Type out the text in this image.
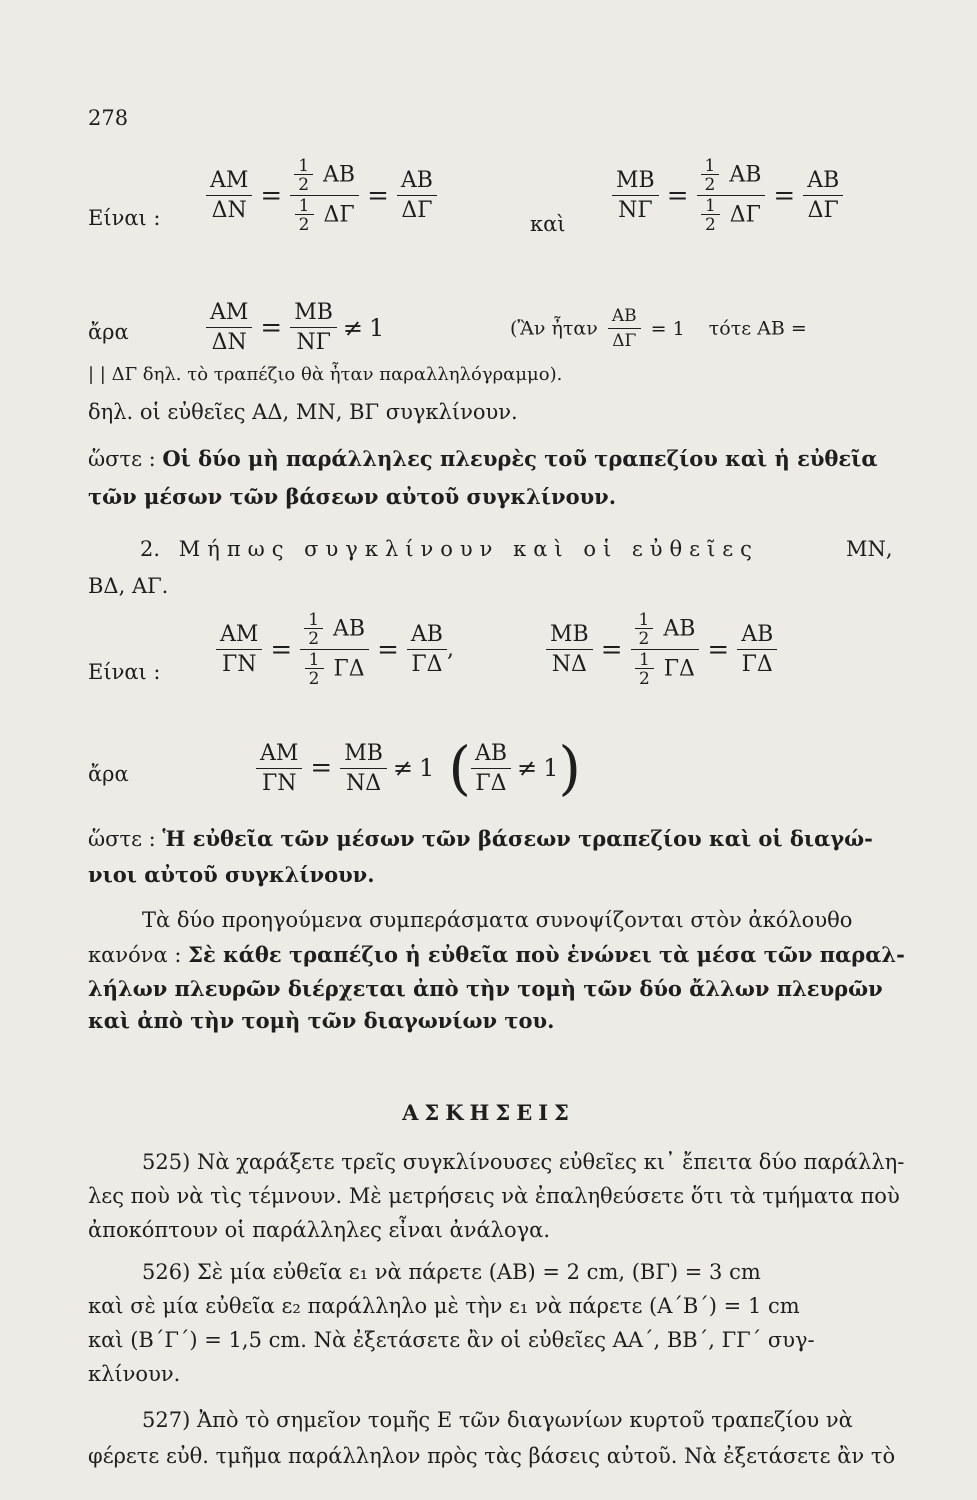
278
Είναι : $\frac{AM}{\Delta N} = \frac{\frac{1}{2} AB}{\frac{1}{2} \Delta\Gamma} = \frac{AB}{\Delta\Gamma}$
καὶ
$\frac{MB}{N\Gamma} = \frac{\frac{1}{2} AB}{\frac{1}{2} \Delta\Gamma} = \frac{AB}{\Delta\Gamma}$
ἄρα	$\frac{AM}{\Delta N} = \frac{MB}{N\Gamma} \ne 1$	(Ἂν ἦταν $\frac{AB}{\Delta\Gamma} = 1$ τότε ΑΒ =
| | ΔΓ δηλ. τὸ τραπέζιο θὰ ἦταν παραλληλόγραμμο).
δηλ. οἱ εὐθεῖες ΑΔ, ΜΝ, ΒΓ συγκλίνουν.
ὥστε : Οἱ δύο μὴ παράλληλες πλευρὲς τοῦ τραπεζίου καὶ ἡ εὐθεῖα
τῶν μέσων τῶν βάσεων αὐτοῦ συγκλίνουν.
2. Μήπως συγκλίνουν καὶ οἱ εὐθεῖες	ΜΝ,
ΒΔ, ΑΓ.
Είναι :	$\frac{AM}{\Gamma N} = \frac{\frac{1}{2} AB}{\frac{1}{2} \Gamma\Delta} = \frac{AB}{\Gamma\Delta}$ ,	$\frac{MB}{N\Delta} = \frac{\frac{1}{2} AB}{\frac{1}{2} \Gamma\Delta} = \frac{AB}{\Gamma\Delta}$
ἄρα	$\frac{AM}{\Gamma N} = \frac{MB}{N\Delta} \ne 1$ ( $\frac{AB}{\Gamma\Delta} \ne 1$)
ὥστε : Ἡ εὐθεῖα τῶν μέσων τῶν βάσεων τραπεζίου καὶ οἱ διαγώ-
νιοι αὐτοῦ συγκλίνουν.
Τὰ δύο προηγούμενα συμπεράσματα συνοψίζονται στὸν ἀκόλουθο
κανόνα : Σὲ κάθε τραπέζιο ἡ εὐθεῖα ποὺ ἑνώνει τὰ μέσα τῶν παραλ-
λήλων πλευρῶν διέρχεται ἀπὸ τὴν τομὴ τῶν δύο ἄλλων πλευρῶν
καὶ ἀπὸ τὴν τομὴ τῶν διαγωνίων του.
ΑΣΚΗΣΕΙΣ
525) Νὰ χαράξετε τρεῖς συγκλίνουσες εὐθεῖες κι᾽ ἔπειτα δύο παράλλη-
λες ποὺ νὰ τὶς τέμνουν. Μὲ μετρήσεις νὰ ἐπαληθεύσετε ὅτι τὰ τμήματα ποὺ
ἀποκόπτουν οἱ παράλληλες εἶναι ἀνάλογα.
526) Σὲ μία εὐθεῖα ε₁ νὰ πάρετε (ΑΒ) = 2 cm, (ΒΓ) = 3 cm
καὶ σὲ μία εὐθεῖα ε₂ παράλληλο μὲ τὴν ε₁ νὰ πάρετε (Α΄Β΄) = 1 cm
καὶ (Β΄Γ΄) = 1,5 cm. Νὰ ἐξετάσετε ἂν οἱ εὐθεῖες ΑΑ΄, ΒΒ΄, ΓΓ΄ συγ-
κλίνουν.
527) Ἀπὸ τὸ σημεῖον τομῆς Ε τῶν διαγωνίων κυρτοῦ τραπεζίου νὰ
φέρετε εὐθ. τμῆμα παράλληλον πρὸς τὰς βάσεις αὐτοῦ. Νὰ ἐξετάσετε ἂν τὸ
